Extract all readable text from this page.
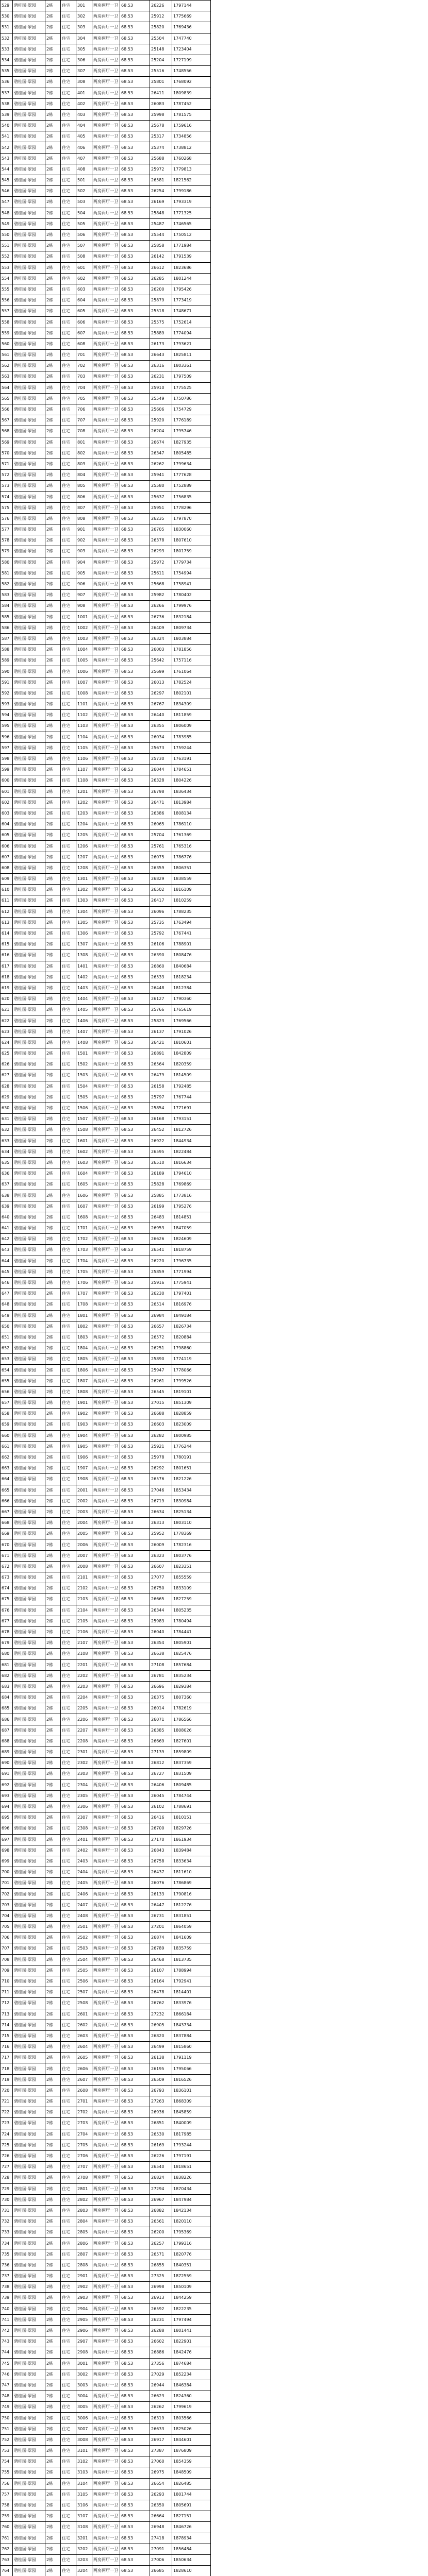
529	碧桂园·翠园	2栋	住宅	301	两房两厅一卫	68.53	26226	1797144
530	碧桂园·翠园	2栋	住宅	302	两房两厅一卫	68.53	25912	1775669
531	碧桂园·翠园	2栋	住宅	303	两房两厅一卫	68.53	25820	1769436
532	碧桂园·翠园	2栋	住宅	304	两房两厅一卫	68.53	25504	1747740
533	碧桂园·翠园	2栋	住宅	305	两房两厅一卫	68.53	25148	1723404
534	碧桂园·翠园	2栋	住宅	306	两房两厅一卫	68.53	25204	1727199
535	碧桂园·翠园	2栋	住宅	307	两房两厅一卫	68.53	25516	1748556
536	碧桂园·翠园	2栋	住宅	308	两房两厅一卫	68.53	25801	1768092
537	碧桂园·翠园	2栋	住宅	401	两房两厅一卫	68.53	26411	1809839
538	碧桂园·翠园	2栋	住宅	402	两房两厅一卫	68.53	26083	1787452
539	碧桂园·翠园	2栋	住宅	403	两房两厅一卫	68.53	25998	1781575
540	碧桂园·翠园	2栋	住宅	404	两房两厅一卫	68.53	25678	1759616
541	碧桂园·翠园	2栋	住宅	405	两房两厅一卫	68.53	25317	1734856
542	碧桂园·翠园	2栋	住宅	406	两房两厅一卫	68.53	25374	1738812
543	碧桂园·翠园	2栋	住宅	407	两房两厅一卫	68.53	25688	1760268
544	碧桂园·翠园	2栋	住宅	408	两房两厅一卫	68.53	25972	1779813
545	碧桂园·翠园	2栋	住宅	501	两房两厅一卫	68.53	26581	1821562
546	碧桂园·翠园	2栋	住宅	502	两房两厅一卫	68.53	26254	1799186
547	碧桂园·翠园	2栋	住宅	503	两房两厅一卫	68.53	26169	1793319
548	碧桂园·翠园	2栋	住宅	504	两房两厅一卫	68.53	25848	1771325
549	碧桂园·翠园	2栋	住宅	505	两房两厅一卫	68.53	25487	1746565
550	碧桂园·翠园	2栋	住宅	506	两房两厅一卫	68.53	25544	1750512
551	碧桂园·翠园	2栋	住宅	507	两房两厅一卫	68.53	25858	1771984
552	碧桂园·翠园	2栋	住宅	508	两房两厅一卫	68.53	26142	1791539
553	碧桂园·翠园	2栋	住宅	601	两房两厅一卫	68.53	26612	1823686
554	碧桂园·翠园	2栋	住宅	602	两房两厅一卫	68.53	26285	1801244
555	碧桂园·翠园	2栋	住宅	603	两房两厅一卫	68.53	26200	1795426
556	碧桂园·翠园	2栋	住宅	604	两房两厅一卫	68.53	25879	1773419
557	碧桂园·翠园	2栋	住宅	605	两房两厅一卫	68.53	25518	1748671
558	碧桂园·翠园	2栋	住宅	606	两房两厅一卫	68.53	25575	1752614
559	碧桂园·翠园	2栋	住宅	607	两房两厅一卫	68.53	25889	1774094
560	碧桂园·翠园	2栋	住宅	608	两房两厅一卫	68.53	26173	1793621
561	碧桂园·翠园	2栋	住宅	701	两房两厅一卫	68.53	26643	1825811
562	碧桂园·翠园	2栋	住宅	702	两房两厅一卫	68.53	26316	1803361
563	碧桂园·翠园	2栋	住宅	703	两房两厅一卫	68.53	26231	1797509
564	碧桂园·翠园	2栋	住宅	704	两房两厅一卫	68.53	25910	1775525
565	碧桂园·翠园	2栋	住宅	705	两房两厅一卫	68.53	25549	1750786
566	碧桂园·翠园	2栋	住宅	706	两房两厅一卫	68.53	25606	1754729
567	碧桂园·翠园	2栋	住宅	707	两房两厅一卫	68.53	25920	1776189
568	碧桂园·翠园	2栋	住宅	708	两房两厅一卫	68.53	26204	1795746
569	碧桂园·翠园	2栋	住宅	801	两房两厅一卫	68.53	26674	1827935
570	碧桂园·翠园	2栋	住宅	802	两房两厅一卫	68.53	26347	1805485
571	碧桂园·翠园	2栋	住宅	803	两房两厅一卫	68.53	26262	1799634
572	碧桂园·翠园	2栋	住宅	804	两房两厅一卫	68.53	25941	1777628
573	碧桂园·翠园	2栋	住宅	805	两房两厅一卫	68.53	25580	1752889
574	碧桂园·翠园	2栋	住宅	806	两房两厅一卫	68.53	25637	1756835
575	碧桂园·翠园	2栋	住宅	807	两房两厅一卫	68.53	25951	1778296
576	碧桂园·翠园	2栋	住宅	808	两房两厅一卫	68.53	26235	1797870
577	碧桂园·翠园	2栋	住宅	901	两房两厅一卫	68.53	26705	1830060
578	碧桂园·翠园	2栋	住宅	902	两房两厅一卫	68.53	26378	1807610
579	碧桂园·翠园	2栋	住宅	903	两房两厅一卫	68.53	26293	1801759
580	碧桂园·翠园	2栋	住宅	904	两房两厅一卫	68.53	25972	1779734
581	碧桂园·翠园	2栋	住宅	905	两房两厅一卫	68.53	25611	1754994
582	碧桂园·翠园	2栋	住宅	906	两房两厅一卫	68.53	25668	1758941
583	碧桂园·翠园	2栋	住宅	907	两房两厅一卫	68.53	25982	1780402
584	碧桂园·翠园	2栋	住宅	908	两房两厅一卫	68.53	26266	1799976
585	碧桂园·翠园	2栋	住宅	1001	两房两厅一卫	68.53	26736	1832184
586	碧桂园·翠园	2栋	住宅	1002	两房两厅一卫	68.53	26409	1809734
587	碧桂园·翠园	2栋	住宅	1003	两房两厅一卫	68.53	26324	1803884
588	碧桂园·翠园	2栋	住宅	1004	两房两厅一卫	68.53	26003	1781856
589	碧桂园·翠园	2栋	住宅	1005	两房两厅一卫	68.53	25642	1757116
590	碧桂园·翠园	2栋	住宅	1006	两房两厅一卫	68.53	25699	1761064
591	碧桂园·翠园	2栋	住宅	1007	两房两厅一卫	68.53	26013	1782524
592	碧桂园·翠园	2栋	住宅	1008	两房两厅一卫	68.53	26297	1802101
593	碧桂园·翠园	2栋	住宅	1101	两房两厅一卫	68.53	26767	1834309
594	碧桂园·翠园	2栋	住宅	1102	两房两厅一卫	68.53	26440	1811859
595	碧桂园·翠园	2栋	住宅	1103	两房两厅一卫	68.53	26355	1806009
596	碧桂园·翠园	2栋	住宅	1104	两房两厅一卫	68.53	26034	1783985
597	碧桂园·翠园	2栋	住宅	1105	两房两厅一卫	68.53	25673	1759244
598	碧桂园·翠园	2栋	住宅	1106	两房两厅一卫	68.53	25730	1763191
599	碧桂园·翠园	2栋	住宅	1107	两房两厅一卫	68.53	26044	1784651
600	碧桂园·翠园	2栋	住宅	1108	两房两厅一卫	68.53	26328	1804226
601	碧桂园·翠园	2栋	住宅	1201	两房两厅一卫	68.53	26798	1836434
602	碧桂园·翠园	2栋	住宅	1202	两房两厅一卫	68.53	26471	1813984
603	碧桂园·翠园	2栋	住宅	1203	两房两厅一卫	68.53	26386	1808134
604	碧桂园·翠园	2栋	住宅	1204	两房两厅一卫	68.53	26065	1786110
605	碧桂园·翠园	2栋	住宅	1205	两房两厅一卫	68.53	25704	1761369
606	碧桂园·翠园	2栋	住宅	1206	两房两厅一卫	68.53	25761	1765316
607	碧桂园·翠园	2栋	住宅	1207	两房两厅一卫	68.53	26075	1786776
608	碧桂园·翠园	2栋	住宅	1208	两房两厅一卫	68.53	26359	1806351
609	碧桂园·翠园	2栋	住宅	1301	两房两厅一卫	68.53	26829	1838559
610	碧桂园·翠园	2栋	住宅	1302	两房两厅一卫	68.53	26502	1816109
611	碧桂园·翠园	2栋	住宅	1303	两房两厅一卫	68.53	26417	1810259
612	碧桂园·翠园	2栋	住宅	1304	两房两厅一卫	68.53	26096	1788235
613	碧桂园·翠园	2栋	住宅	1305	两房两厅一卫	68.53	25735	1763494
614	碧桂园·翠园	2栋	住宅	1306	两房两厅一卫	68.53	25792	1767441
615	碧桂园·翠园	2栋	住宅	1307	两房两厅一卫	68.53	26106	1788901
616	碧桂园·翠园	2栋	住宅	1308	两房两厅一卫	68.53	26390	1808476
617	碧桂园·翠园	2栋	住宅	1401	两房两厅一卫	68.53	26860	1840684
618	碧桂园·翠园	2栋	住宅	1402	两房两厅一卫	68.53	26533	1818234
619	碧桂园·翠园	2栋	住宅	1403	两房两厅一卫	68.53	26448	1812384
620	碧桂园·翠园	2栋	住宅	1404	两房两厅一卫	68.53	26127	1790360
621	碧桂园·翠园	2栋	住宅	1405	两房两厅一卫	68.53	25766	1765619
622	碧桂园·翠园	2栋	住宅	1406	两房两厅一卫	68.53	25823	1769566
623	碧桂园·翠园	2栋	住宅	1407	两房两厅一卫	68.53	26137	1791026
624	碧桂园·翠园	2栋	住宅	1408	两房两厅一卫	68.53	26421	1810601
625	碧桂园·翠园	2栋	住宅	1501	两房两厅一卫	68.53	26891	1842809
626	碧桂园·翠园	2栋	住宅	1502	两房两厅一卫	68.53	26564	1820359
627	碧桂园·翠园	2栋	住宅	1503	两房两厅一卫	68.53	26479	1814509
628	碧桂园·翠园	2栋	住宅	1504	两房两厅一卫	68.53	26158	1792485
629	碧桂园·翠园	2栋	住宅	1505	两房两厅一卫	68.53	25797	1767744
630	碧桂园·翠园	2栋	住宅	1506	两房两厅一卫	68.53	25854	1771691
631	碧桂园·翠园	2栋	住宅	1507	两房两厅一卫	68.53	26168	1793151
632	碧桂园·翠园	2栋	住宅	1508	两房两厅一卫	68.53	26452	1812726
633	碧桂园·翠园	2栋	住宅	1601	两房两厅一卫	68.53	26922	1844934
634	碧桂园·翠园	2栋	住宅	1602	两房两厅一卫	68.53	26595	1822484
635	碧桂园·翠园	2栋	住宅	1603	两房两厅一卫	68.53	26510	1816634
636	碧桂园·翠园	2栋	住宅	1604	两房两厅一卫	68.53	26189	1794610
637	碧桂园·翠园	2栋	住宅	1605	两房两厅一卫	68.53	25828	1769869
638	碧桂园·翠园	2栋	住宅	1606	两房两厅一卫	68.53	25885	1773816
639	碧桂园·翠园	2栋	住宅	1607	两房两厅一卫	68.53	26199	1795276
640	碧桂园·翠园	2栋	住宅	1608	两房两厅一卫	68.53	26483	1814851
641	碧桂园·翠园	2栋	住宅	1701	两房两厅一卫	68.53	26953	1847059
642	碧桂园·翠园	2栋	住宅	1702	两房两厅一卫	68.53	26626	1824609
643	碧桂园·翠园	2栋	住宅	1703	两房两厅一卫	68.53	26541	1818759
644	碧桂园·翠园	2栋	住宅	1704	两房两厅一卫	68.53	26220	1796735
645	碧桂园·翠园	2栋	住宅	1705	两房两厅一卫	68.53	25859	1771994
646	碧桂园·翠园	2栋	住宅	1706	两房两厅一卫	68.53	25916	1775941
647	碧桂园·翠园	2栋	住宅	1707	两房两厅一卫	68.53	26230	1797401
648	碧桂园·翠园	2栋	住宅	1708	两房两厅一卫	68.53	26514	1816976
649	碧桂园·翠园	2栋	住宅	1801	两房两厅一卫	68.53	26984	1849184
650	碧桂园·翠园	2栋	住宅	1802	两房两厅一卫	68.53	26657	1826734
651	碧桂园·翠园	2栋	住宅	1803	两房两厅一卫	68.53	26572	1820884
652	碧桂园·翠园	2栋	住宅	1804	两房两厅一卫	68.53	26251	1798860
653	碧桂园·翠园	2栋	住宅	1805	两房两厅一卫	68.53	25890	1774119
654	碧桂园·翠园	2栋	住宅	1806	两房两厅一卫	68.53	25947	1778066
655	碧桂园·翠园	2栋	住宅	1807	两房两厅一卫	68.53	26261	1799526
656	碧桂园·翠园	2栋	住宅	1808	两房两厅一卫	68.53	26545	1819101
657	碧桂园·翠园	2栋	住宅	1901	两房两厅一卫	68.53	27015	1851309
658	碧桂园·翠园	2栋	住宅	1902	两房两厅一卫	68.53	26688	1828859
659	碧桂园·翠园	2栋	住宅	1903	两房两厅一卫	68.53	26603	1823009
660	碧桂园·翠园	2栋	住宅	1904	两房两厅一卫	68.53	26282	1800985
661	碧桂园·翠园	2栋	住宅	1905	两房两厅一卫	68.53	25921	1776244
662	碧桂园·翠园	2栋	住宅	1906	两房两厅一卫	68.53	25978	1780191
663	碧桂园·翠园	2栋	住宅	1907	两房两厅一卫	68.53	26292	1801651
664	碧桂园·翠园	2栋	住宅	1908	两房两厅一卫	68.53	26576	1821226
665	碧桂园·翠园	2栋	住宅	2001	两房两厅一卫	68.53	27046	1853434
666	碧桂园·翠园	2栋	住宅	2002	两房两厅一卫	68.53	26719	1830984
667	碧桂园·翠园	2栋	住宅	2003	两房两厅一卫	68.53	26634	1825134
668	碧桂园·翠园	2栋	住宅	2004	两房两厅一卫	68.53	26313	1803110
669	碧桂园·翠园	2栋	住宅	2005	两房两厅一卫	68.53	25952	1778369
670	碧桂园·翠园	2栋	住宅	2006	两房两厅一卫	68.53	26009	1782316
671	碧桂园·翠园	2栋	住宅	2007	两房两厅一卫	68.53	26323	1803776
672	碧桂园·翠园	2栋	住宅	2008	两房两厅一卫	68.53	26607	1823351
673	碧桂园·翠园	2栋	住宅	2101	两房两厅一卫	68.53	27077	1855559
674	碧桂园·翠园	2栋	住宅	2102	两房两厅一卫	68.53	26750	1833109
675	碧桂园·翠园	2栋	住宅	2103	两房两厅一卫	68.53	26665	1827259
676	碧桂园·翠园	2栋	住宅	2104	两房两厅一卫	68.53	26344	1805235
677	碧桂园·翠园	2栋	住宅	2105	两房两厅一卫	68.53	25983	1780494
678	碧桂园·翠园	2栋	住宅	2106	两房两厅一卫	68.53	26040	1784441
679	碧桂园·翠园	2栋	住宅	2107	两房两厅一卫	68.53	26354	1805901
680	碧桂园·翠园	2栋	住宅	2108	两房两厅一卫	68.53	26638	1825476
681	碧桂园·翠园	2栋	住宅	2201	两房两厅一卫	68.53	27108	1857684
682	碧桂园·翠园	2栋	住宅	2202	两房两厅一卫	68.53	26781	1835234
683	碧桂园·翠园	2栋	住宅	2203	两房两厅一卫	68.53	26696	1829384
684	碧桂园·翠园	2栋	住宅	2204	两房两厅一卫	68.53	26375	1807360
685	碧桂园·翠园	2栋	住宅	2205	两房两厅一卫	68.53	26014	1782619
686	碧桂园·翠园	2栋	住宅	2206	两房两厅一卫	68.53	26071	1786566
687	碧桂园·翠园	2栋	住宅	2207	两房两厅一卫	68.53	26385	1808026
688	碧桂园·翠园	2栋	住宅	2208	两房两厅一卫	68.53	26669	1827601
689	碧桂园·翠园	2栋	住宅	2301	两房两厅一卫	68.53	27139	1859809
690	碧桂园·翠园	2栋	住宅	2302	两房两厅一卫	68.53	26812	1837359
691	碧桂园·翠园	2栋	住宅	2303	两房两厅一卫	68.53	26727	1831509
692	碧桂园·翠园	2栋	住宅	2304	两房两厅一卫	68.53	26406	1809485
693	碧桂园·翠园	2栋	住宅	2305	两房两厅一卫	68.53	26045	1784744
694	碧桂园·翠园	2栋	住宅	2306	两房两厅一卫	68.53	26102	1788691
695	碧桂园·翠园	2栋	住宅	2307	两房两厅一卫	68.53	26416	1810151
696	碧桂园·翠园	2栋	住宅	2308	两房两厅一卫	68.53	26700	1829726
697	碧桂园·翠园	2栋	住宅	2401	两房两厅一卫	68.53	27170	1861934
698	碧桂园·翠园	2栋	住宅	2402	两房两厅一卫	68.53	26843	1839484
699	碧桂园·翠园	2栋	住宅	2403	两房两厅一卫	68.53	26758	1833634
700	碧桂园·翠园	2栋	住宅	2404	两房两厅一卫	68.53	26437	1811610
701	碧桂园·翠园	2栋	住宅	2405	两房两厅一卫	68.53	26076	1786869
702	碧桂园·翠园	2栋	住宅	2406	两房两厅一卫	68.53	26133	1790816
703	碧桂园·翠园	2栋	住宅	2407	两房两厅一卫	68.53	26447	1812276
704	碧桂园·翠园	2栋	住宅	2408	两房两厅一卫	68.53	26731	1831851
705	碧桂园·翠园	2栋	住宅	2501	两房两厅一卫	68.53	27201	1864059
706	碧桂园·翠园	2栋	住宅	2502	两房两厅一卫	68.53	26874	1841609
707	碧桂园·翠园	2栋	住宅	2503	两房两厅一卫	68.53	26789	1835759
708	碧桂园·翠园	2栋	住宅	2504	两房两厅一卫	68.53	26468	1813735
709	碧桂园·翠园	2栋	住宅	2505	两房两厅一卫	68.53	26107	1788994
710	碧桂园·翠园	2栋	住宅	2506	两房两厅一卫	68.53	26164	1792941
711	碧桂园·翠园	2栋	住宅	2507	两房两厅一卫	68.53	26478	1814401
712	碧桂园·翠园	2栋	住宅	2508	两房两厅一卫	68.53	26762	1833976
713	碧桂园·翠园	2栋	住宅	2601	两房两厅一卫	68.53	27232	1866184
714	碧桂园·翠园	2栋	住宅	2602	两房两厅一卫	68.53	26905	1843734
715	碧桂园·翠园	2栋	住宅	2603	两房两厅一卫	68.53	26820	1837884
716	碧桂园·翠园	2栋	住宅	2604	两房两厅一卫	68.53	26499	1815860
717	碧桂园·翠园	2栋	住宅	2605	两房两厅一卫	68.53	26138	1791119
718	碧桂园·翠园	2栋	住宅	2606	两房两厅一卫	68.53	26195	1795066
719	碧桂园·翠园	2栋	住宅	2607	两房两厅一卫	68.53	26509	1816526
720	碧桂园·翠园	2栋	住宅	2608	两房两厅一卫	68.53	26793	1836101
721	碧桂园·翠园	2栋	住宅	2701	两房两厅一卫	68.53	27263	1868309
722	碧桂园·翠园	2栋	住宅	2702	两房两厅一卫	68.53	26936	1845859
723	碧桂园·翠园	2栋	住宅	2703	两房两厅一卫	68.53	26851	1840009
724	碧桂园·翠园	2栋	住宅	2704	两房两厅一卫	68.53	26530	1817985
725	碧桂园·翠园	2栋	住宅	2705	两房两厅一卫	68.53	26169	1793244
726	碧桂园·翠园	2栋	住宅	2706	两房两厅一卫	68.53	26226	1797191
727	碧桂园·翠园	2栋	住宅	2707	两房两厅一卫	68.53	26540	1818651
728	碧桂园·翠园	2栋	住宅	2708	两房两厅一卫	68.53	26824	1838226
729	碧桂园·翠园	2栋	住宅	2801	两房两厅一卫	68.53	27294	1870434
730	碧桂园·翠园	2栋	住宅	2802	两房两厅一卫	68.53	26967	1847984
731	碧桂园·翠园	2栋	住宅	2803	两房两厅一卫	68.53	26882	1842134
732	碧桂园·翠园	2栋	住宅	2804	两房两厅一卫	68.53	26561	1820110
733	碧桂园·翠园	2栋	住宅	2805	两房两厅一卫	68.53	26200	1795369
734	碧桂园·翠园	2栋	住宅	2806	两房两厅一卫	68.53	26257	1799316
735	碧桂园·翠园	2栋	住宅	2807	两房两厅一卫	68.53	26571	1820776
736	碧桂园·翠园	2栋	住宅	2808	两房两厅一卫	68.53	26855	1840351
737	碧桂园·翠园	2栋	住宅	2901	两房两厅一卫	68.53	27325	1872559
738	碧桂园·翠园	2栋	住宅	2902	两房两厅一卫	68.53	26998	1850109
739	碧桂园·翠园	2栋	住宅	2903	两房两厅一卫	68.53	26913	1844259
740	碧桂园·翠园	2栋	住宅	2904	两房两厅一卫	68.53	26592	1822235
741	碧桂园·翠园	2栋	住宅	2905	两房两厅一卫	68.53	26231	1797494
742	碧桂园·翠园	2栋	住宅	2906	两房两厅一卫	68.53	26288	1801441
743	碧桂园·翠园	2栋	住宅	2907	两房两厅一卫	68.53	26602	1822901
744	碧桂园·翠园	2栋	住宅	2908	两房两厅一卫	68.53	26886	1842476
745	碧桂园·翠园	2栋	住宅	3001	两房两厅一卫	68.53	27356	1874684
746	碧桂园·翠园	2栋	住宅	3002	两房两厅一卫	68.53	27029	1852234
747	碧桂园·翠园	2栋	住宅	3003	两房两厅一卫	68.53	26944	1846384
748	碧桂园·翠园	2栋	住宅	3004	两房两厅一卫	68.53	26623	1824360
749	碧桂园·翠园	2栋	住宅	3005	两房两厅一卫	68.53	26262	1799619
750	碧桂园·翠园	2栋	住宅	3006	两房两厅一卫	68.53	26319	1803566
751	碧桂园·翠园	2栋	住宅	3007	两房两厅一卫	68.53	26633	1825026
752	碧桂园·翠园	2栋	住宅	3008	两房两厅一卫	68.53	26917	1844601
753	碧桂园·翠园	2栋	住宅	3101	两房两厅一卫	68.53	27387	1876809
754	碧桂园·翠园	2栋	住宅	3102	两房两厅一卫	68.53	27060	1854359
755	碧桂园·翠园	2栋	住宅	3103	两房两厅一卫	68.53	26975	1848509
756	碧桂园·翠园	2栋	住宅	3104	两房两厅一卫	68.53	26654	1826485
757	碧桂园·翠园	2栋	住宅	3105	两房两厅一卫	68.53	26293	1801744
758	碧桂园·翠园	2栋	住宅	3106	两房两厅一卫	68.53	26350	1805691
759	碧桂园·翠园	2栋	住宅	3107	两房两厅一卫	68.53	26664	1827151
760	碧桂园·翠园	2栋	住宅	3108	两房两厅一卫	68.53	26948	1846726
761	碧桂园·翠园	2栋	住宅	3201	两房两厅一卫	68.53	27418	1878934
762	碧桂园·翠园	2栋	住宅	3202	两房两厅一卫	68.53	27091	1856484
763	碧桂园·翠园	2栋	住宅	3203	两房两厅一卫	68.53	27006	1850634
764	碧桂园·翠园	2栋	住宅	3204	两房两厅一卫	68.53	26685	1828610
